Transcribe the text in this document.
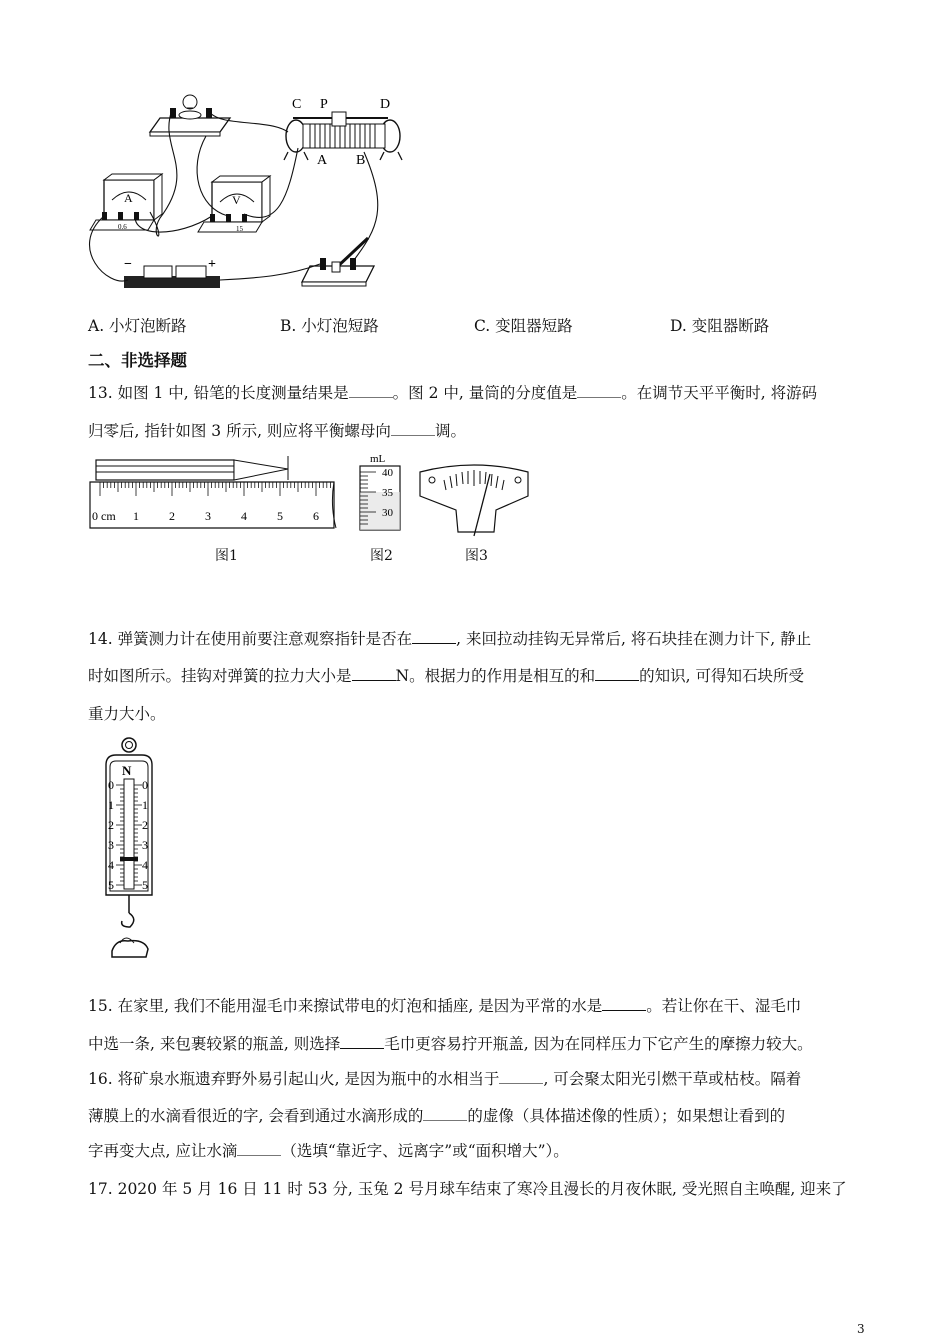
C P	D
A B
A
0.6
V
15
−	+
A. 小灯泡断路	B. 小灯泡短路	C. 变阻器短路	D. 变阻器断路
二、非选择题
13. 如图 1 中, 铅笔的长度测量结果是	。图 2 中, 量筒的分度值是	。在调节天平平衡时, 将游码
归零后, 指针如图 3 所示, 则应将平衡螺母向	调。
0 cm 1	2	3	4	5	6
mL
40
35
30
图1	图2	图3
14. 弹簧测力计在使用前要注意观察指针是否在	, 来回拉动挂钩无异常后, 将石块挂在测力计下, 静止
时如图所示。挂钩对弹簧的拉力大小是	N。根据力的作用是相互的和	的知识, 可得知石块所受
重力大小。
N
0 0
1 1
2 2
3 3
4 4
5 5
15. 在家里, 我们不能用湿毛巾来擦试带电的灯泡和插座, 是因为平常的水是	。若让你在干、湿毛巾
中选一条, 来包裹较紧的瓶盖, 则选择	毛巾更容易拧开瓶盖, 因为在同样压力下它产生的摩擦力较大。
16. 将矿泉水瓶遗弃野外易引起山火, 是因为瓶中的水相当于	, 可会聚太阳光引燃干草或枯枝。隔着
薄膜上的水滴看很近的字, 会看到通过水滴形成的	的虚像（具体描述像的性质）；如果想让看到的
字再变大点, 应让水滴	（选填“靠近字、远离字”或“面积增大”）。
17. 2020 年 5 月 16 日 11 时 53 分, 玉兔 2 号月球车结束了寒冷且漫长的月夜休眠, 受光照自主唤醒, 迎来了
3
